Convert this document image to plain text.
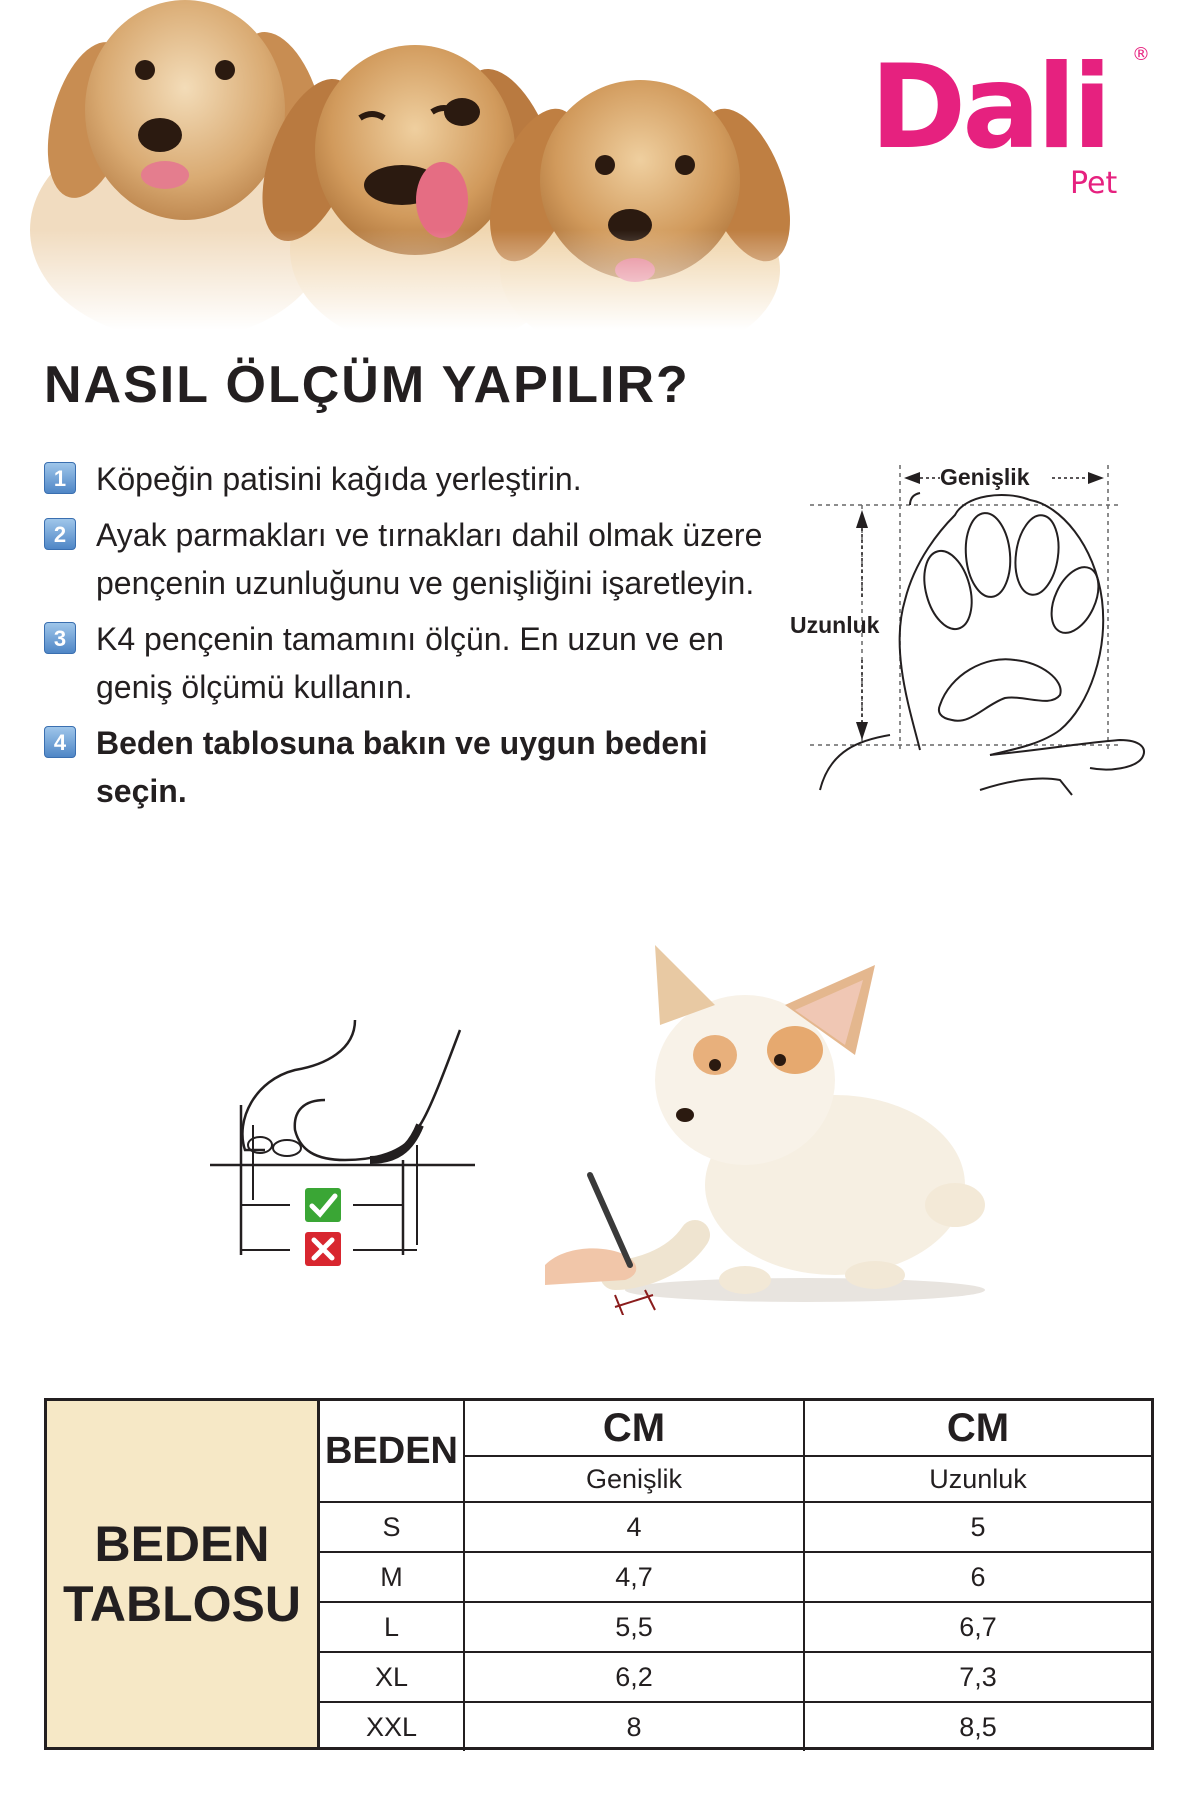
Dali ®
Pet
NASIL ÖLÇÜM YAPILIR?
1 Köpeğin patisini kağıda yerleştirin.
2 Ayak parmakları ve tırnakları dahil olmak üzere pençenin uzunluğunu ve genişliğini işaretleyin.
3 K4 pençenin tamamını ölçün. En uzun ve en geniş ölçümü kullanın.
4 Beden tablosuna bakın ve uygun bedeni seçin.
Genişlik
Uzunluk
BEDEN
TABLOSU
BEDEN	CM	CM
	Genişlik	Uzunluk
S	4	5
M	4,7	6
L	5,5	6,7
XL	6,2	7,3
XXL	8	8,5
